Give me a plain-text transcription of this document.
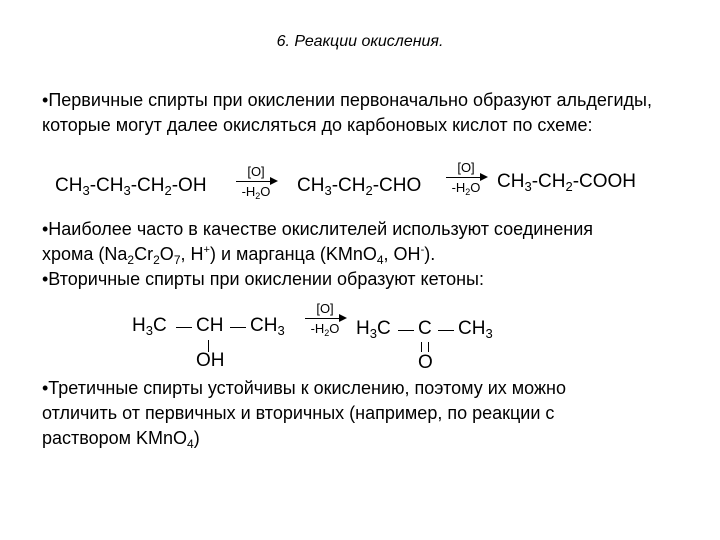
6. Реакции окисления.
•Первичные спирты при окислении первоначально образуют альдегиды, которые могут далее окисляться до карбоновых кислот по схеме:
$CH_3-CH_3-CH_2-OH$
[O]
$-H_2O$ $CH_3-CH_2$-CHO
[O]
$-H_2O$ $CH_3-CH_2$-COOH
•Наиболее часто в качестве окислителей используют соединения
хрома ($Na_2Cr_2O_7$, H+) и марганца (KMnO$_4$, OH-).
•Вторичные спирты при окислении образуют кетоны:
$H_3C$ CH $CH_3$
OH
[O]
$-H_2O$ $H_3C$ C $CH_3$
O
•Третичные спирты устойчивы к окислению, поэтому их можно
отличить от первичных и вторичных (например, по реакции с
раствором KMnO$_4$)
